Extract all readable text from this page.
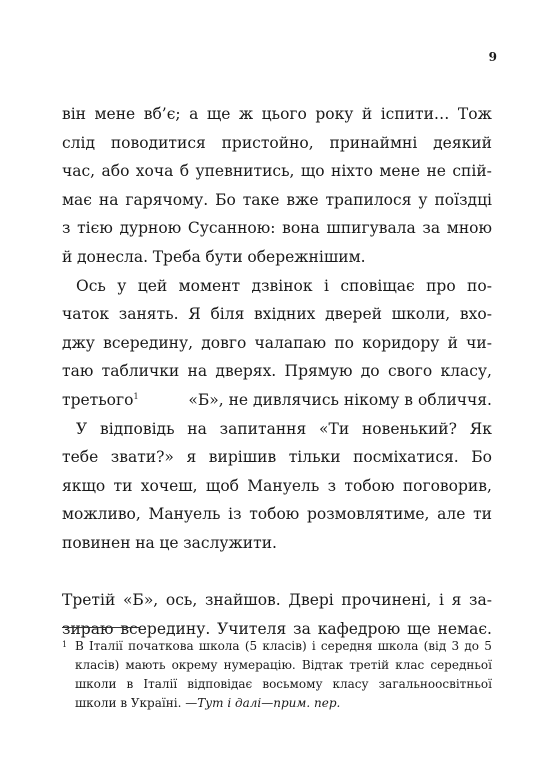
9
він мене вб’є; а ще ж цього року й іспити… Тож
слід поводитися пристойно, принаймні деякий
час, або хоча б упевнитись, що ніхто мене не спій-
має на гарячому. Бо таке вже трапилося у поїздці
з тією дурною Сусанною: вона шпигувала за мною
й донесла. Треба бути обережнішим.
Ось у цей момент дзвінок і сповіщає про по-
чаток занять. Я біля вхідних дверей школи, вхо-
джу всередину, довго чалапаю по коридору й чи-
таю таблички на дверях. Прямую до свого класу,
третього$^1$	«Б», не дивлячись нікому в обличчя.
У відповідь на запитання «Ти новенький? Як
тебе звати?» я вирішив тільки посміхатися. Бо
якщо ти хочеш, щоб Мануель з тобою поговорив,
можливо, Мануель із тобою розмовлятиме, але ти
повинен на це заслужити.
Третій «Б», ось, знайшов. Двері прочинені, і я за-
зираю всередину. Учителя за кафедрою ще немає.
1 В Італії початкова школа (5 класів) і середня школа (від 3 до 5
класів) мають окрему нумерацію. Відтак третій клас середньої
школи в Італії відповідає восьмому класу загальноосвітньої
школи в Україні. — Тут і далі — прим. пер.
